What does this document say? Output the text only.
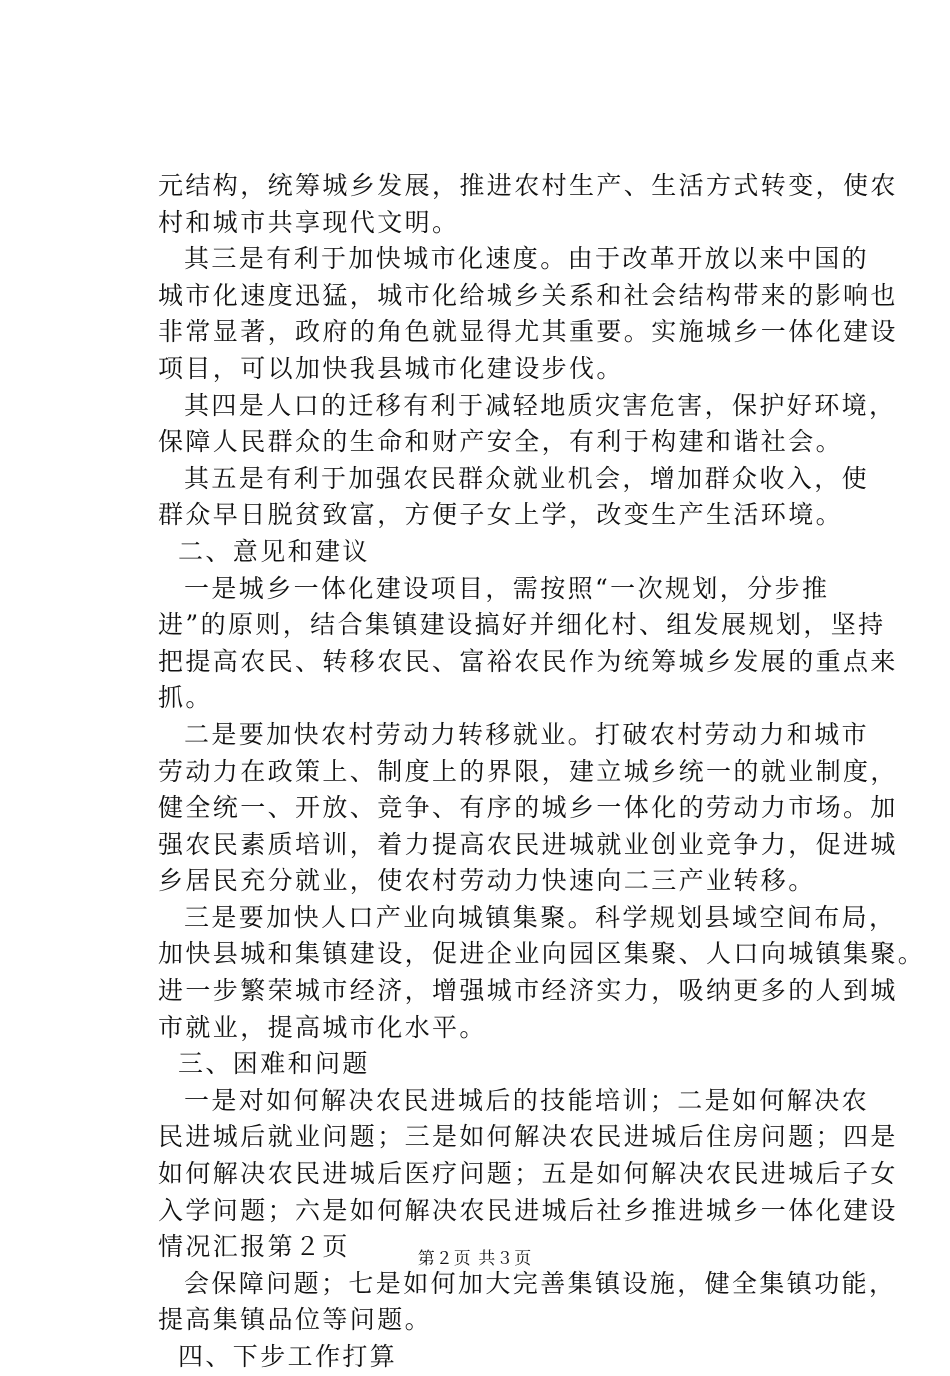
元结构，统筹城乡发展，推进农村生产、生活方式转变，使农
村和城市共享现代文明。
其三是有利于加快城市化速度。由于改革开放以来中国的
城市化速度迅猛，城市化给城乡关系和社会结构带来的影响也
非常显著，政府的角色就显得尤其重要。实施城乡一体化建设
项目，可以加快我县城市化建设步伐。
其四是人口的迁移有利于减轻地质灾害危害，保护好环境，
保障人民群众的生命和财产安全，有利于构建和谐社会。
其五是有利于加强农民群众就业机会，增加群众收入，使
群众早日脱贫致富，方便子女上学，改变生产生活环境。
二、意见和建议
一是城乡一体化建设项目，需按照“一次规划，分步推
进”的原则，结合集镇建设搞好并细化村、组发展规划，坚持
把提高农民、转移农民、富裕农民作为统筹城乡发展的重点来
抓。
二是要加快农村劳动力转移就业。打破农村劳动力和城市
劳动力在政策上、制度上的界限，建立城乡统一的就业制度，
健全统一、开放、竞争、有序的城乡一体化的劳动力市场。加
强农民素质培训，着力提高农民进城就业创业竞争力，促进城
乡居民充分就业，使农村劳动力快速向二三产业转移。
三是要加快人口产业向城镇集聚。科学规划县域空间布局，
加快县城和集镇建设，促进企业向园区集聚、人口向城镇集聚。
进一步繁荣城市经济，增强城市经济实力，吸纳更多的人到城
市就业，提高城市化水平。
三、困难和问题
一是对如何解决农民进城后的技能培训；二是如何解决农
民进城后就业问题；三是如何解决农民进城后住房问题；四是
如何解决农民进城后医疗问题；五是如何解决农民进城后子女
入学问题；六是如何解决农民进城后社乡推进城乡一体化建设
情况汇报第２页
会保障问题；七是如何加大完善集镇设施，健全集镇功能，
提高集镇品位等问题。
四、下步工作打算
第２页 共３页
